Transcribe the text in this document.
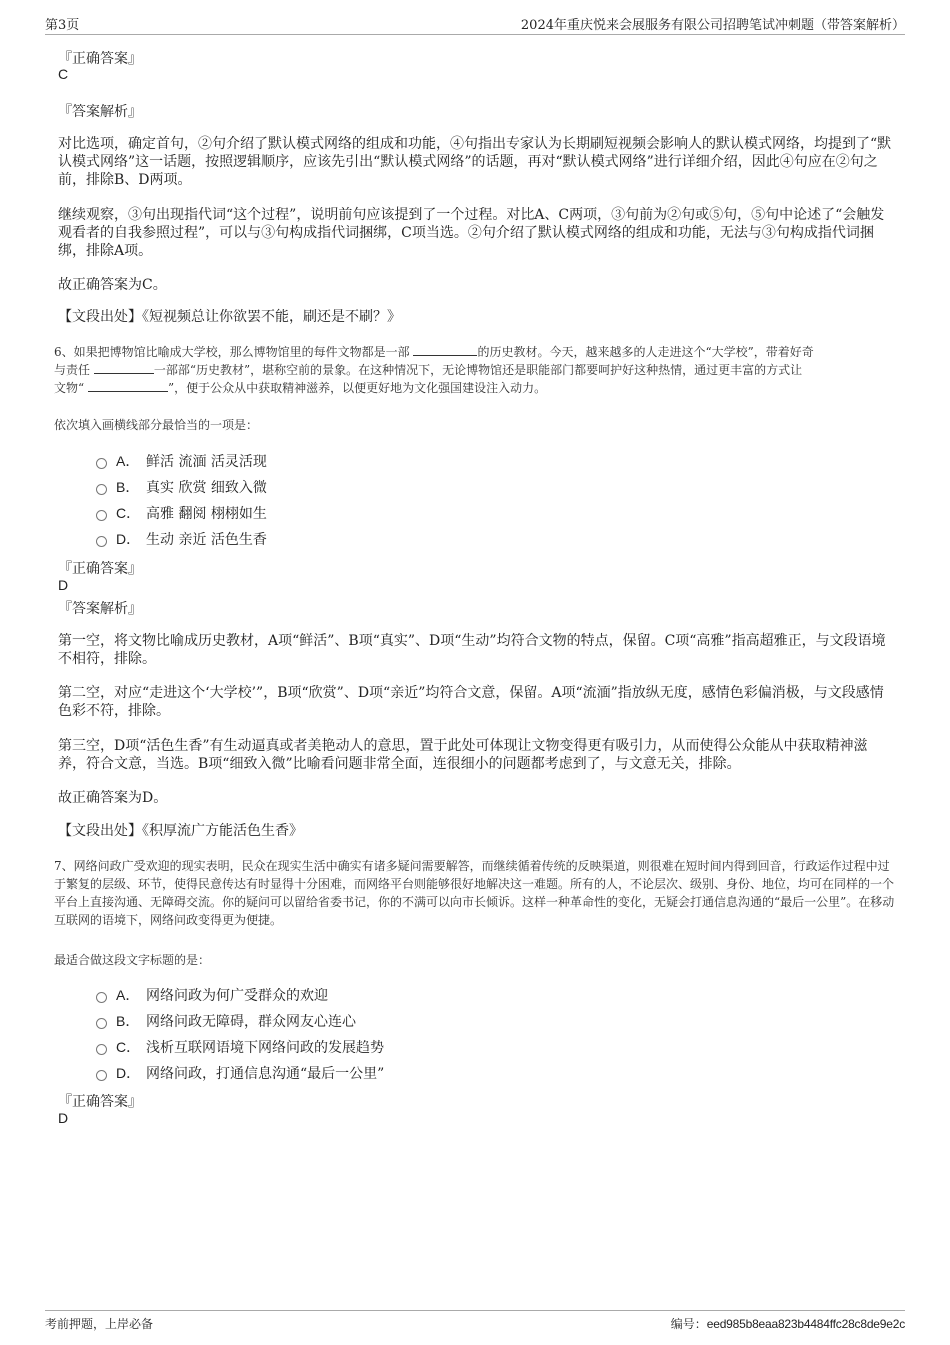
第3页	2024年重庆悦来会展服务有限公司招聘笔试冲刺题（带答案解析）
『正确答案』
C
『答案解析』
对比选项，确定首句，②句介绍了默认模式网络的组成和功能，④句指出专家认为长期刷短视频会影响人的默认模式网络，均提到了“默认模式网络”这一话题，按照逻辑顺序，应该先引出“默认模式网络”的话题，再对“默认模式网络”进行详细介绍，因此④句应在②句之前，排除B、D两项。
继续观察，③句出现指代词“这个过程”，说明前句应该提到了一个过程。对比A、C两项，③句前为②句或⑤句，⑤句中论述了“会触发观看者的自我参照过程”，可以与③句构成指代词捆绑，C项当选。②句介绍了默认模式网络的组成和功能，无法与③句构成指代词捆绑，排除A项。
故正确答案为C。
【文段出处】《短视频总让你欲罢不能，刷还是不刷？》
6、如果把博物馆比喻成大学校，那么博物馆里的每件文物都是一部	的历史教材。今天，越来越多的人走进这个“大学校”，带着好奇
与责任	一部部“历史教材”，堪称空前的景象。在这种情况下，无论博物馆还是职能部门都要呵护好这种热情，通过更丰富的方式让
文物“	”，便于公众从中获取精神滋养，以便更好地为文化强国建设注入动力。
依次填入画横线部分最恰当的一项是：
A． 鲜活 流湎 活灵活现
B． 真实 欣赏 细致入微
C． 高雅 翻阅 栩栩如生
D． 生动 亲近 活色生香
『正确答案』
D
『答案解析』
第一空，将文物比喻成历史教材，A项“鲜活”、B项“真实”、D项“生动”均符合文物的特点，保留。C项“高雅”指高超雅正，与文段语境不相符，排除。
第二空，对应“走进这个‘大学校’”，B项“欣赏”、D项“亲近”均符合文意，保留。A项“流湎”指放纵无度，感情色彩偏消极，与文段感情色彩不符，排除。
第三空，D项“活色生香”有生动逼真或者美艳动人的意思，置于此处可体现让文物变得更有吸引力，从而使得公众能从中获取精神滋养，符合文意，当选。B项“细致入微”比喻看问题非常全面，连很细小的问题都考虑到了，与文意无关，排除。
故正确答案为D。
【文段出处】《积厚流广方能活色生香》
7、网络问政广受欢迎的现实表明，民众在现实生活中确实有诸多疑问需要解答，而继续循着传统的反映渠道，则很难在短时间内得到回音，行政运作过程中过于繁复的层级、环节，使得民意传达有时显得十分困难，而网络平台则能够很好地解决这一难题。所有的人，不论层次、级别、身份、地位，均可在同样的一个平台上直接沟通、无障碍交流。你的疑问可以留给省委书记，你的不满可以向市长倾诉。这样一种革命性的变化，无疑会打通信息沟通的“最后一公里”。在移动互联网的语境下，网络问政变得更为便捷。
最适合做这段文字标题的是：
A． 网络问政为何广受群众的欢迎
B． 网络问政无障碍，群众网友心连心
C． 浅析互联网语境下网络问政的发展趋势
D． 网络问政，打通信息沟通“最后一公里”
『正确答案』
D
考前押题，上岸必备	编号：eed985b8eaa823b4484ffc28c8de9e2c
